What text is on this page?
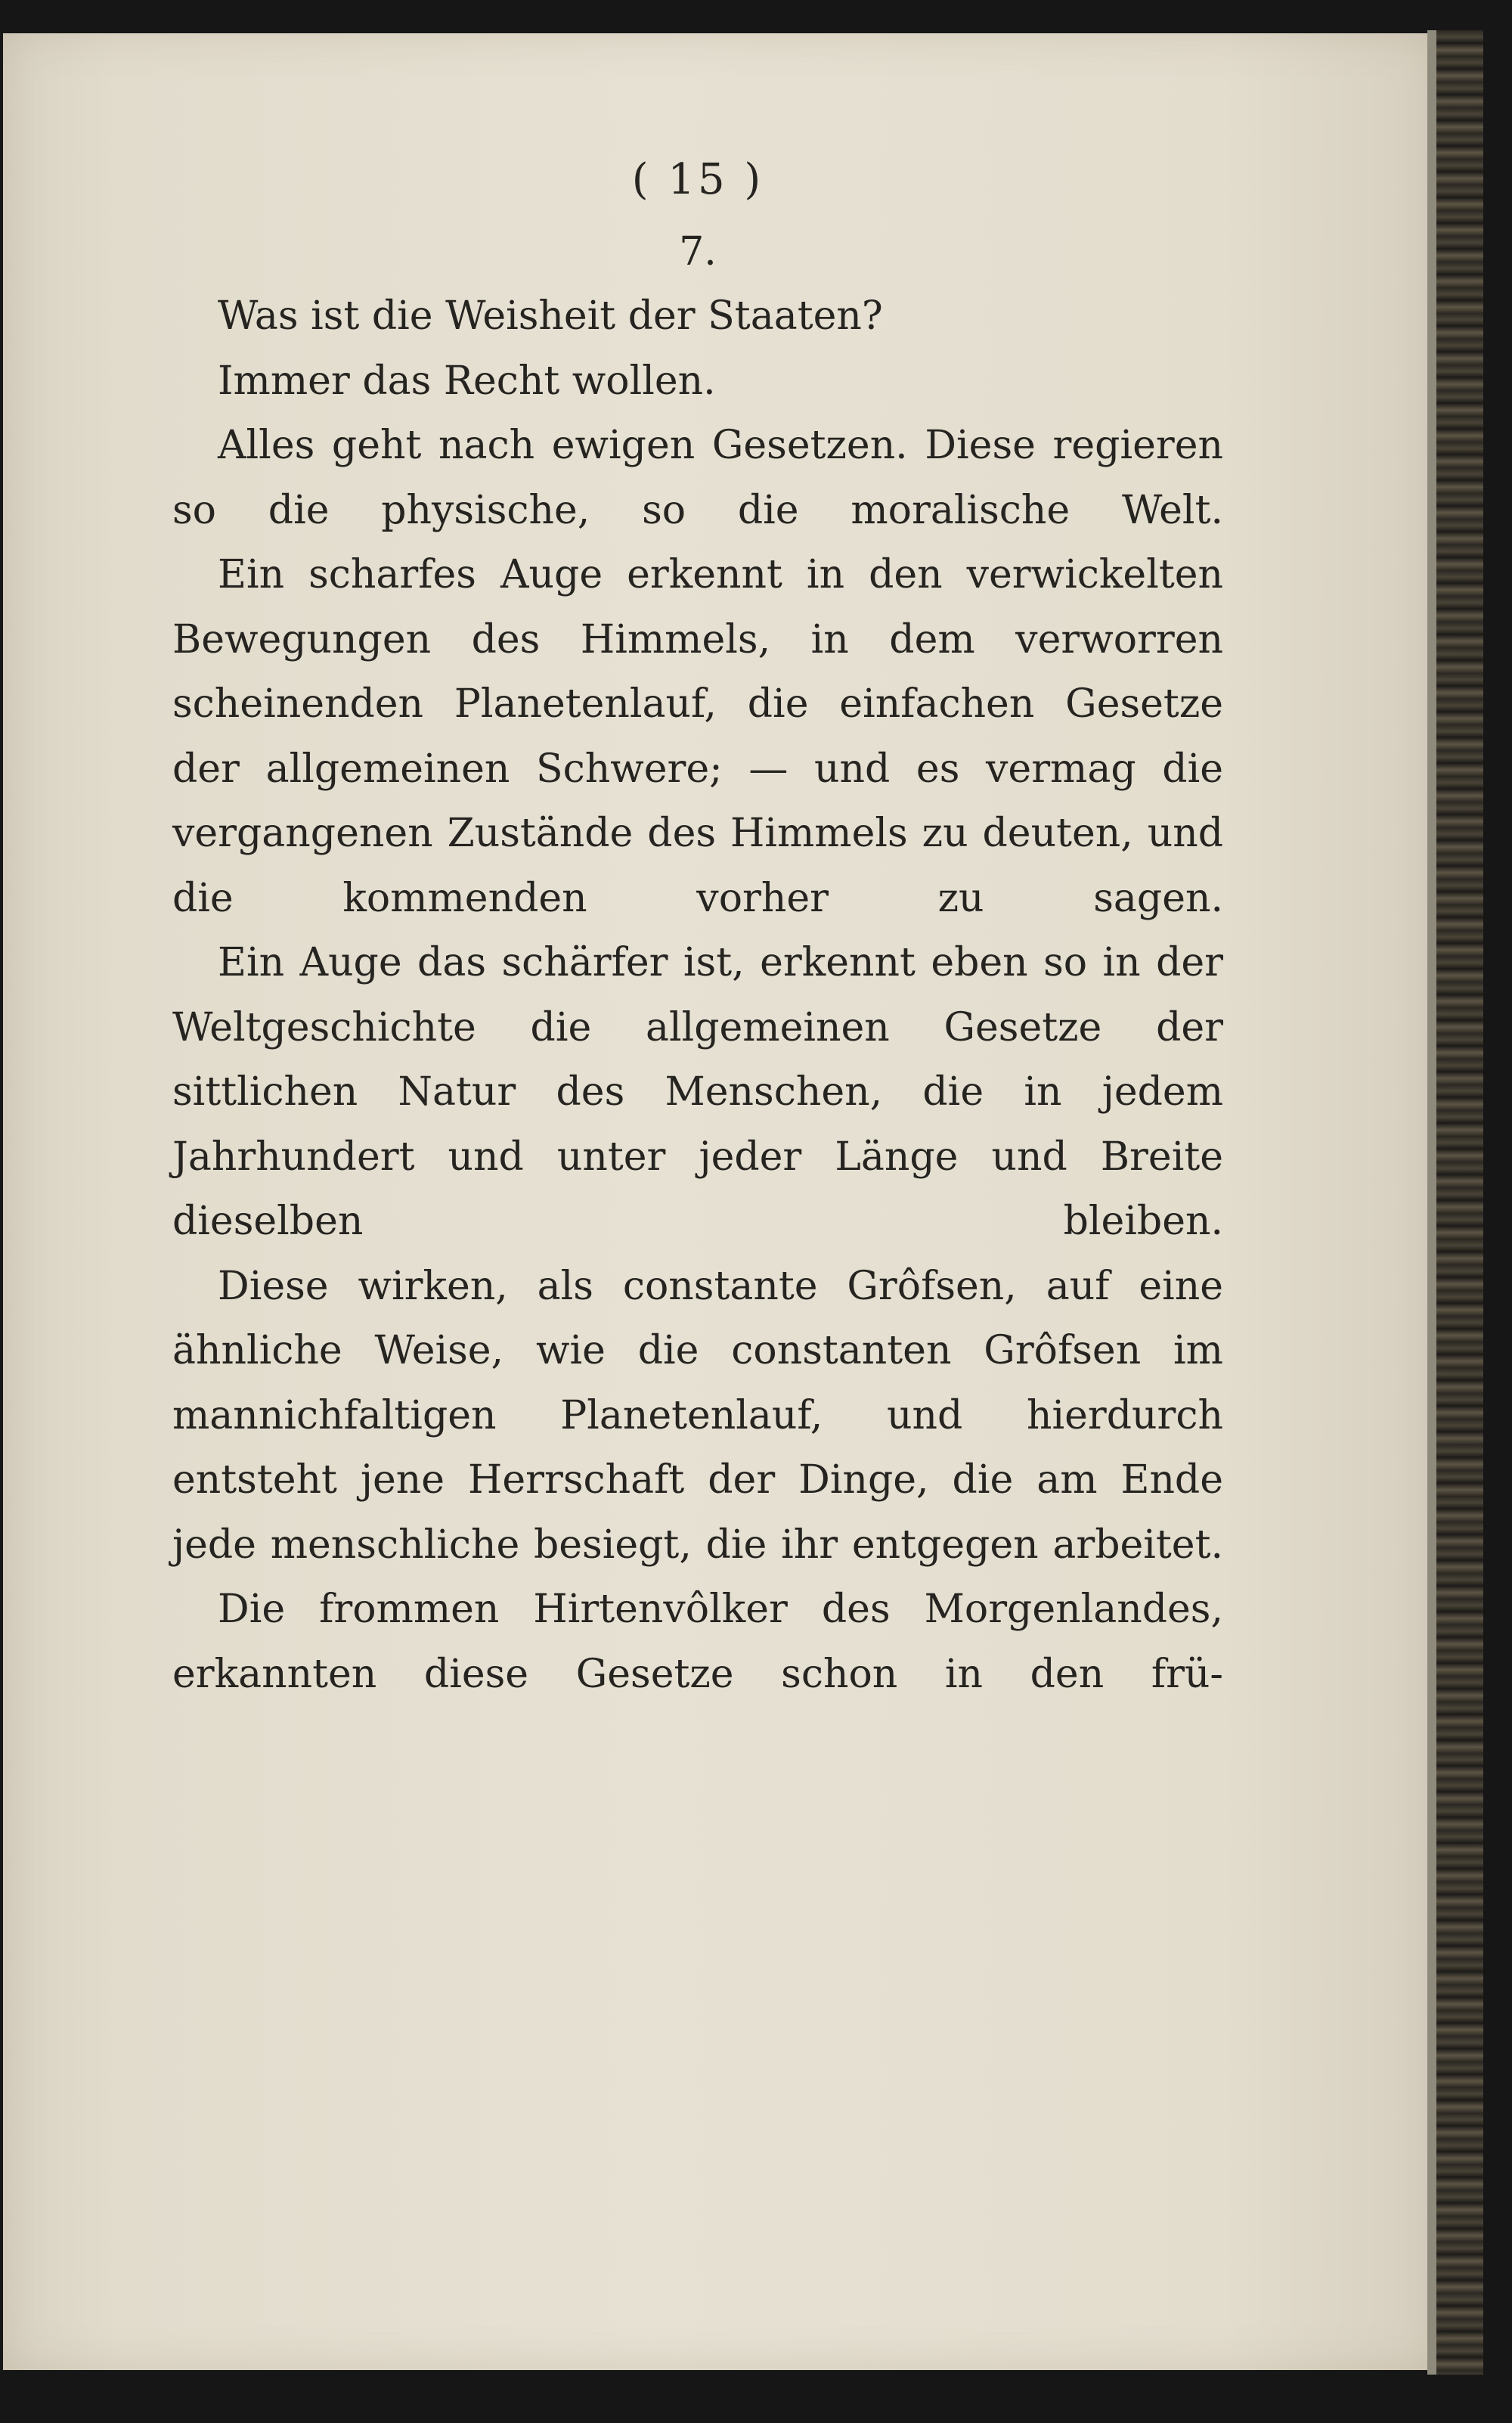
( 15 )

7.

Was ist die Weisheit der Staaten?

Immer das Recht wollen.

Alles geht nach ewigen Gesetzen. Diese regieren so die physische, so die moralische Welt.

Ein scharfes Auge erkennt in den verwickelten Bewegungen des Himmels, in dem verworren scheinenden Planetenlauf, die einfachen Gesetze der allgemeinen Schwere; — und es vermag die vergangenen Zustände des Himmels zu deuten, und die kommenden vorher zu sagen.

Ein Auge das schärfer ist, erkennt eben so in der Weltgeschichte die allgemeinen Gesetze der sittlichen Natur des Menschen, die in jedem Jahrhundert und unter jeder Länge und Breite dieselben bleiben.

Diese wirken, als constante Grôfsen, auf eine ähnliche Weise, wie die constanten Grôfsen im mannichfaltigen Planetenlauf, und hierdurch entsteht jene Herrschaft der Dinge, die am Ende jede menschliche besiegt, die ihr entgegen arbeitet.

Die frommen Hirtenvôlker des Morgenlandes, erkannten diese Gesetze schon in den frü-
